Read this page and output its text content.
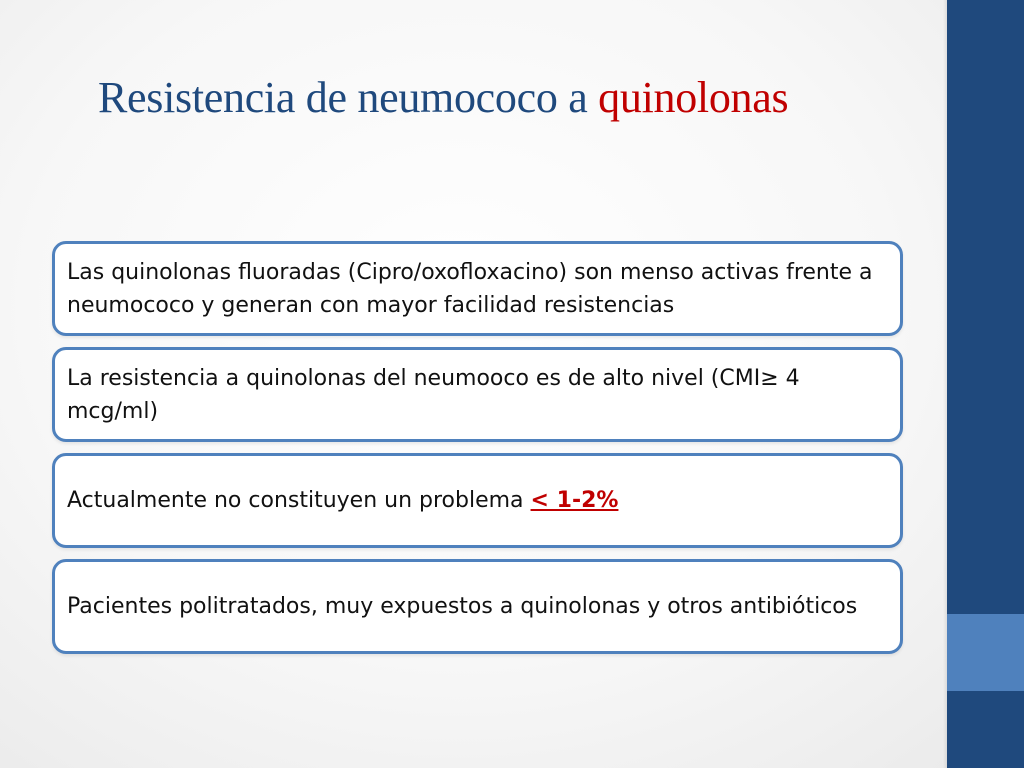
Resistencia de neumococo a quinolonas
Las quinolonas fluoradas (Cipro/oxofloxacino) son menso activas frente a neumococo y generan con mayor facilidad resistencias
La resistencia a quinolonas del neumooco es de alto nivel (CMI≥ 4 mcg/ml)
Actualmente no constituyen un problema < 1-2%
Pacientes politratados, muy expuestos a quinolonas y otros antibióticos
